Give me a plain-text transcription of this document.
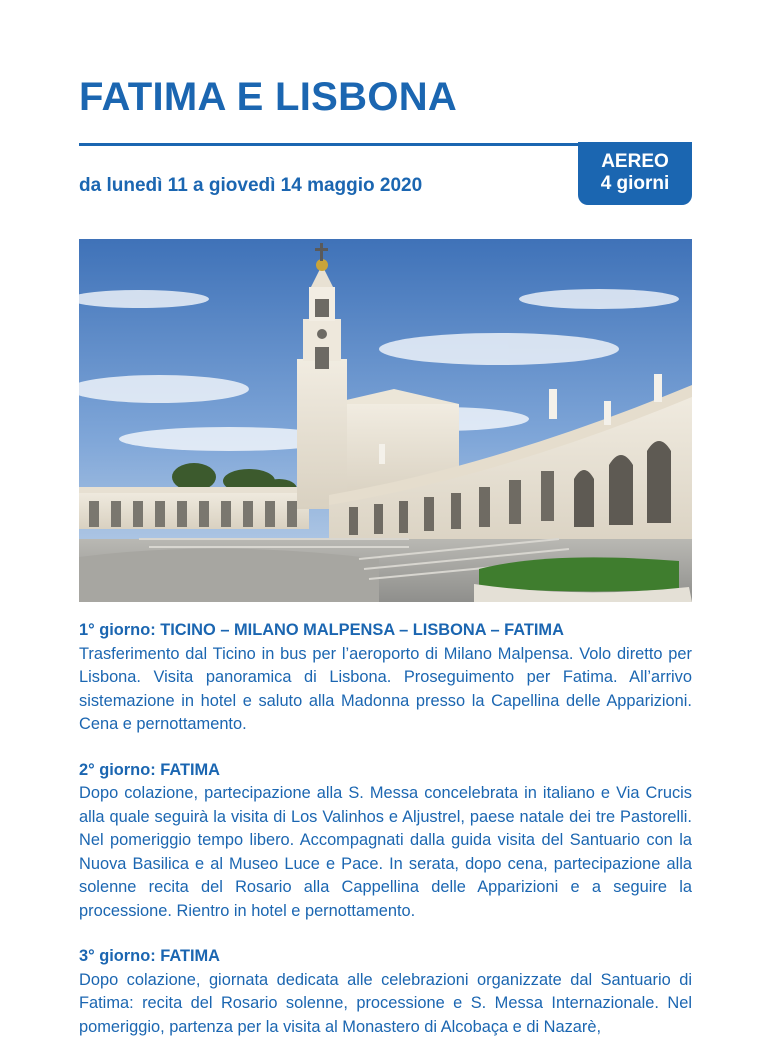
FATIMA E LISBONA
da lunedì 11 a giovedì 14 maggio 2020
AEREO
4 giorni

1° giorno: TICINO – MILANO MALPENSA – LISBONA – FATIMA

Trasferimento dal Ticino in bus per l’aeroporto di Milano Malpensa. Volo diretto per Lisbona. Visita panoramica di Lisbona. Proseguimento per Fatima. All’arrivo sistemazione in hotel e saluto alla Madonna presso la Capellina delle Apparizioni. Cena e pernottamento.

2° giorno: FATIMA

Dopo colazione, partecipazione alla S. Messa concelebrata in italiano e Via Crucis alla quale seguirà la visita di Los Valinhos e Aljustrel, paese natale dei tre Pastorelli. Nel pomeriggio tempo libero. Accompagnati dalla guida visita del Santuario con la Nuova Basilica e al Museo Luce e Pace. In serata, dopo cena, partecipazione alla solenne recita del Rosario alla Cappellina delle Apparizioni e a seguire la processione. Rientro in hotel e pernottamento.

3° giorno: FATIMA

Dopo colazione, giornata dedicata alle celebrazioni organizzate dal Santuario di Fatima: recita del Rosario solenne, processione e S. Messa Internazionale. Nel pomeriggio, partenza per la visita al Monastero di Alcobaça e di Nazarè,
